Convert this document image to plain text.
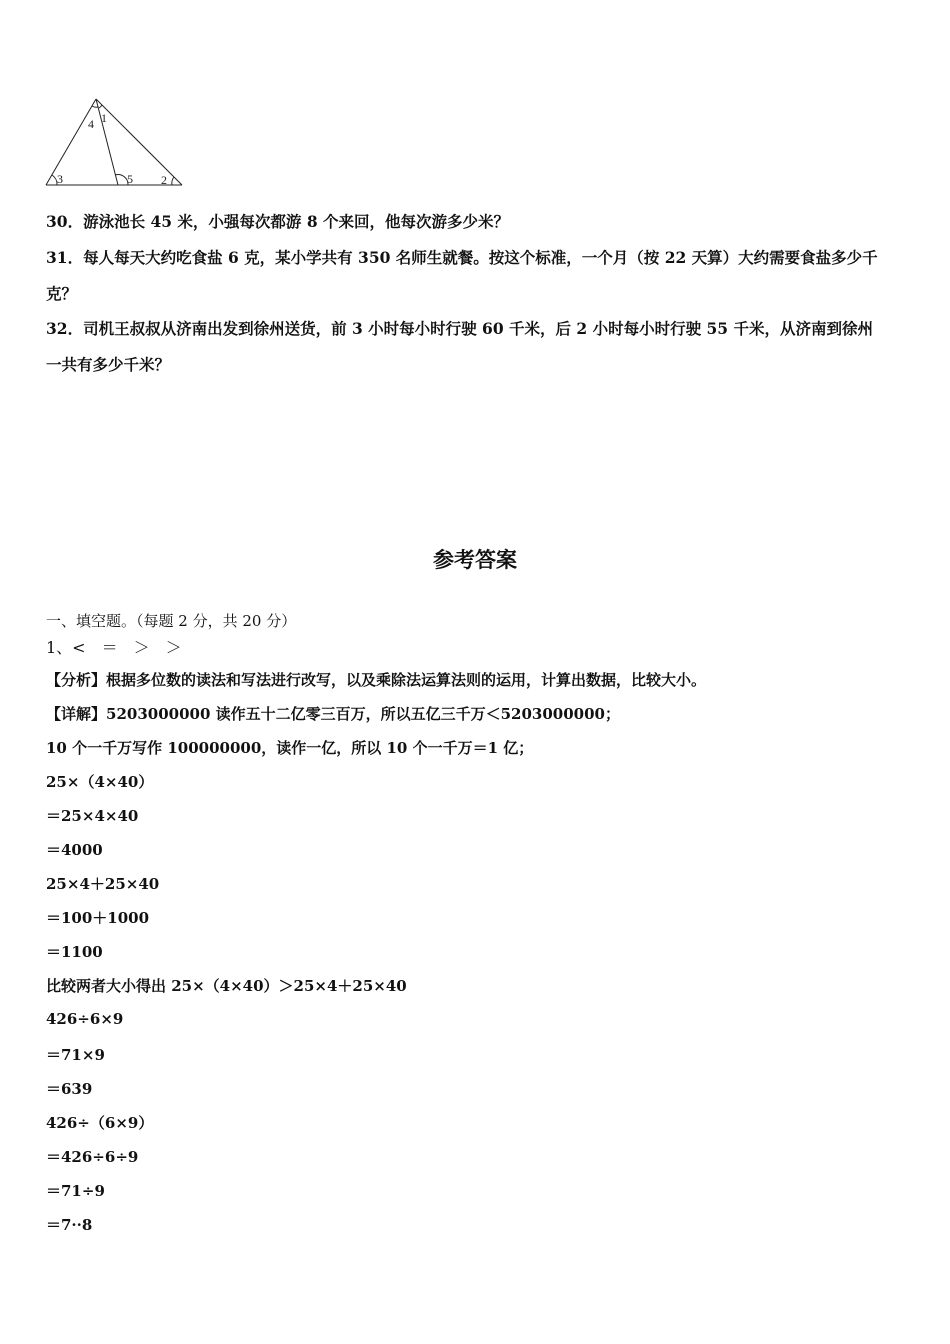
4 1
3	5 2
30．游泳池长 45 米，小强每次都游 8 个来回，他每次游多少米？
31．每人每天大约吃食盐 6 克，某小学共有 350 名师生就餐。按这个标准，一个月（按 22 天算）大约需要食盐多少千
克？
32．司机王叔叔从济南出发到徐州送货，前 3 小时每小时行驶 60 千米，后 2 小时每小时行驶 55 千米，从济南到徐州
一共有多少千米？
参考答案
一、填空题。（每题 2 分，共 20 分）
1、<　＝　＞　＞
【分析】根据多位数的读法和写法进行改写，以及乘除法运算法则的运用，计算出数据，比较大小。
【详解】5203000000 读作五十二亿零三百万，所以五亿三千万＜5203000000；
10 个一千万写作 100000000，读作一亿，所以 10 个一千万＝1 亿；
25×（4×40）
＝25×4×40
＝4000
25×4＋25×40
＝100＋1000
＝1100
比较两者大小得出 25×（4×40）＞25×4＋25×40
426÷6×9
＝71×9
＝639
426÷（6×9）
＝426÷6÷9
＝71÷9
＝7··8
